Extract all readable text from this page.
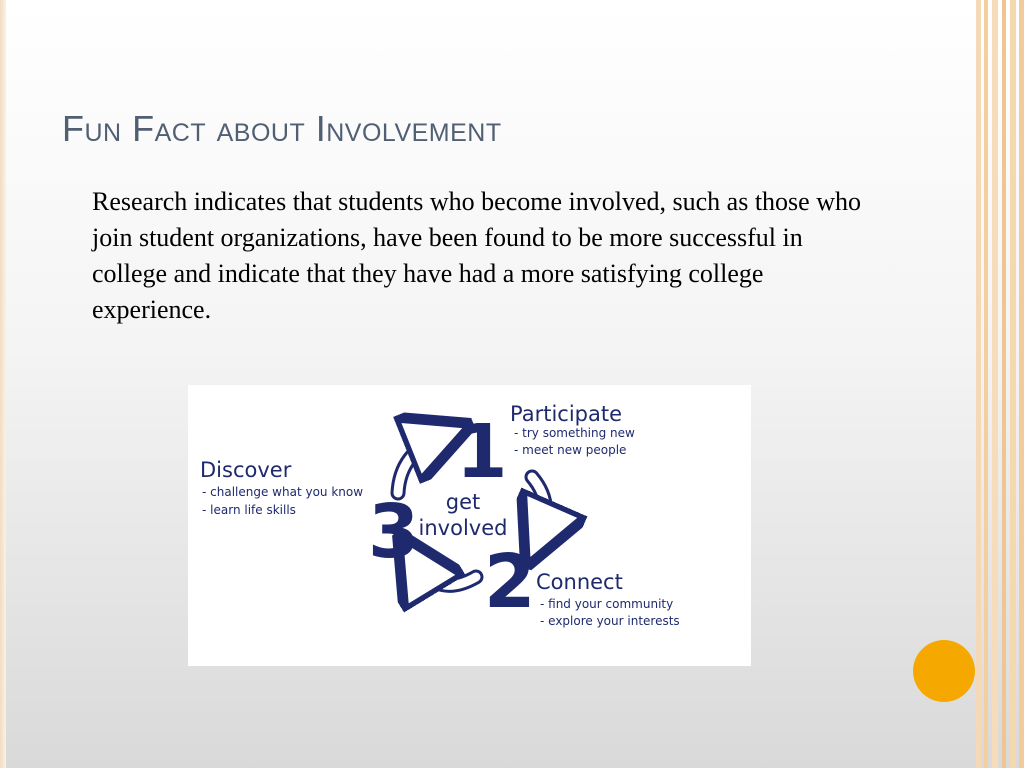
Fun Fact about Involvement

Research indicates that students who become involved, such as those who join student organizations, have been found to be more successful in college and indicate that they have had a more satisfying college experience.

1
2
3 get
involved
Participate
- try something new
- meet new people
Connect
- find your community
- explore your interests
Discover
- challenge what you know
- learn life skills
